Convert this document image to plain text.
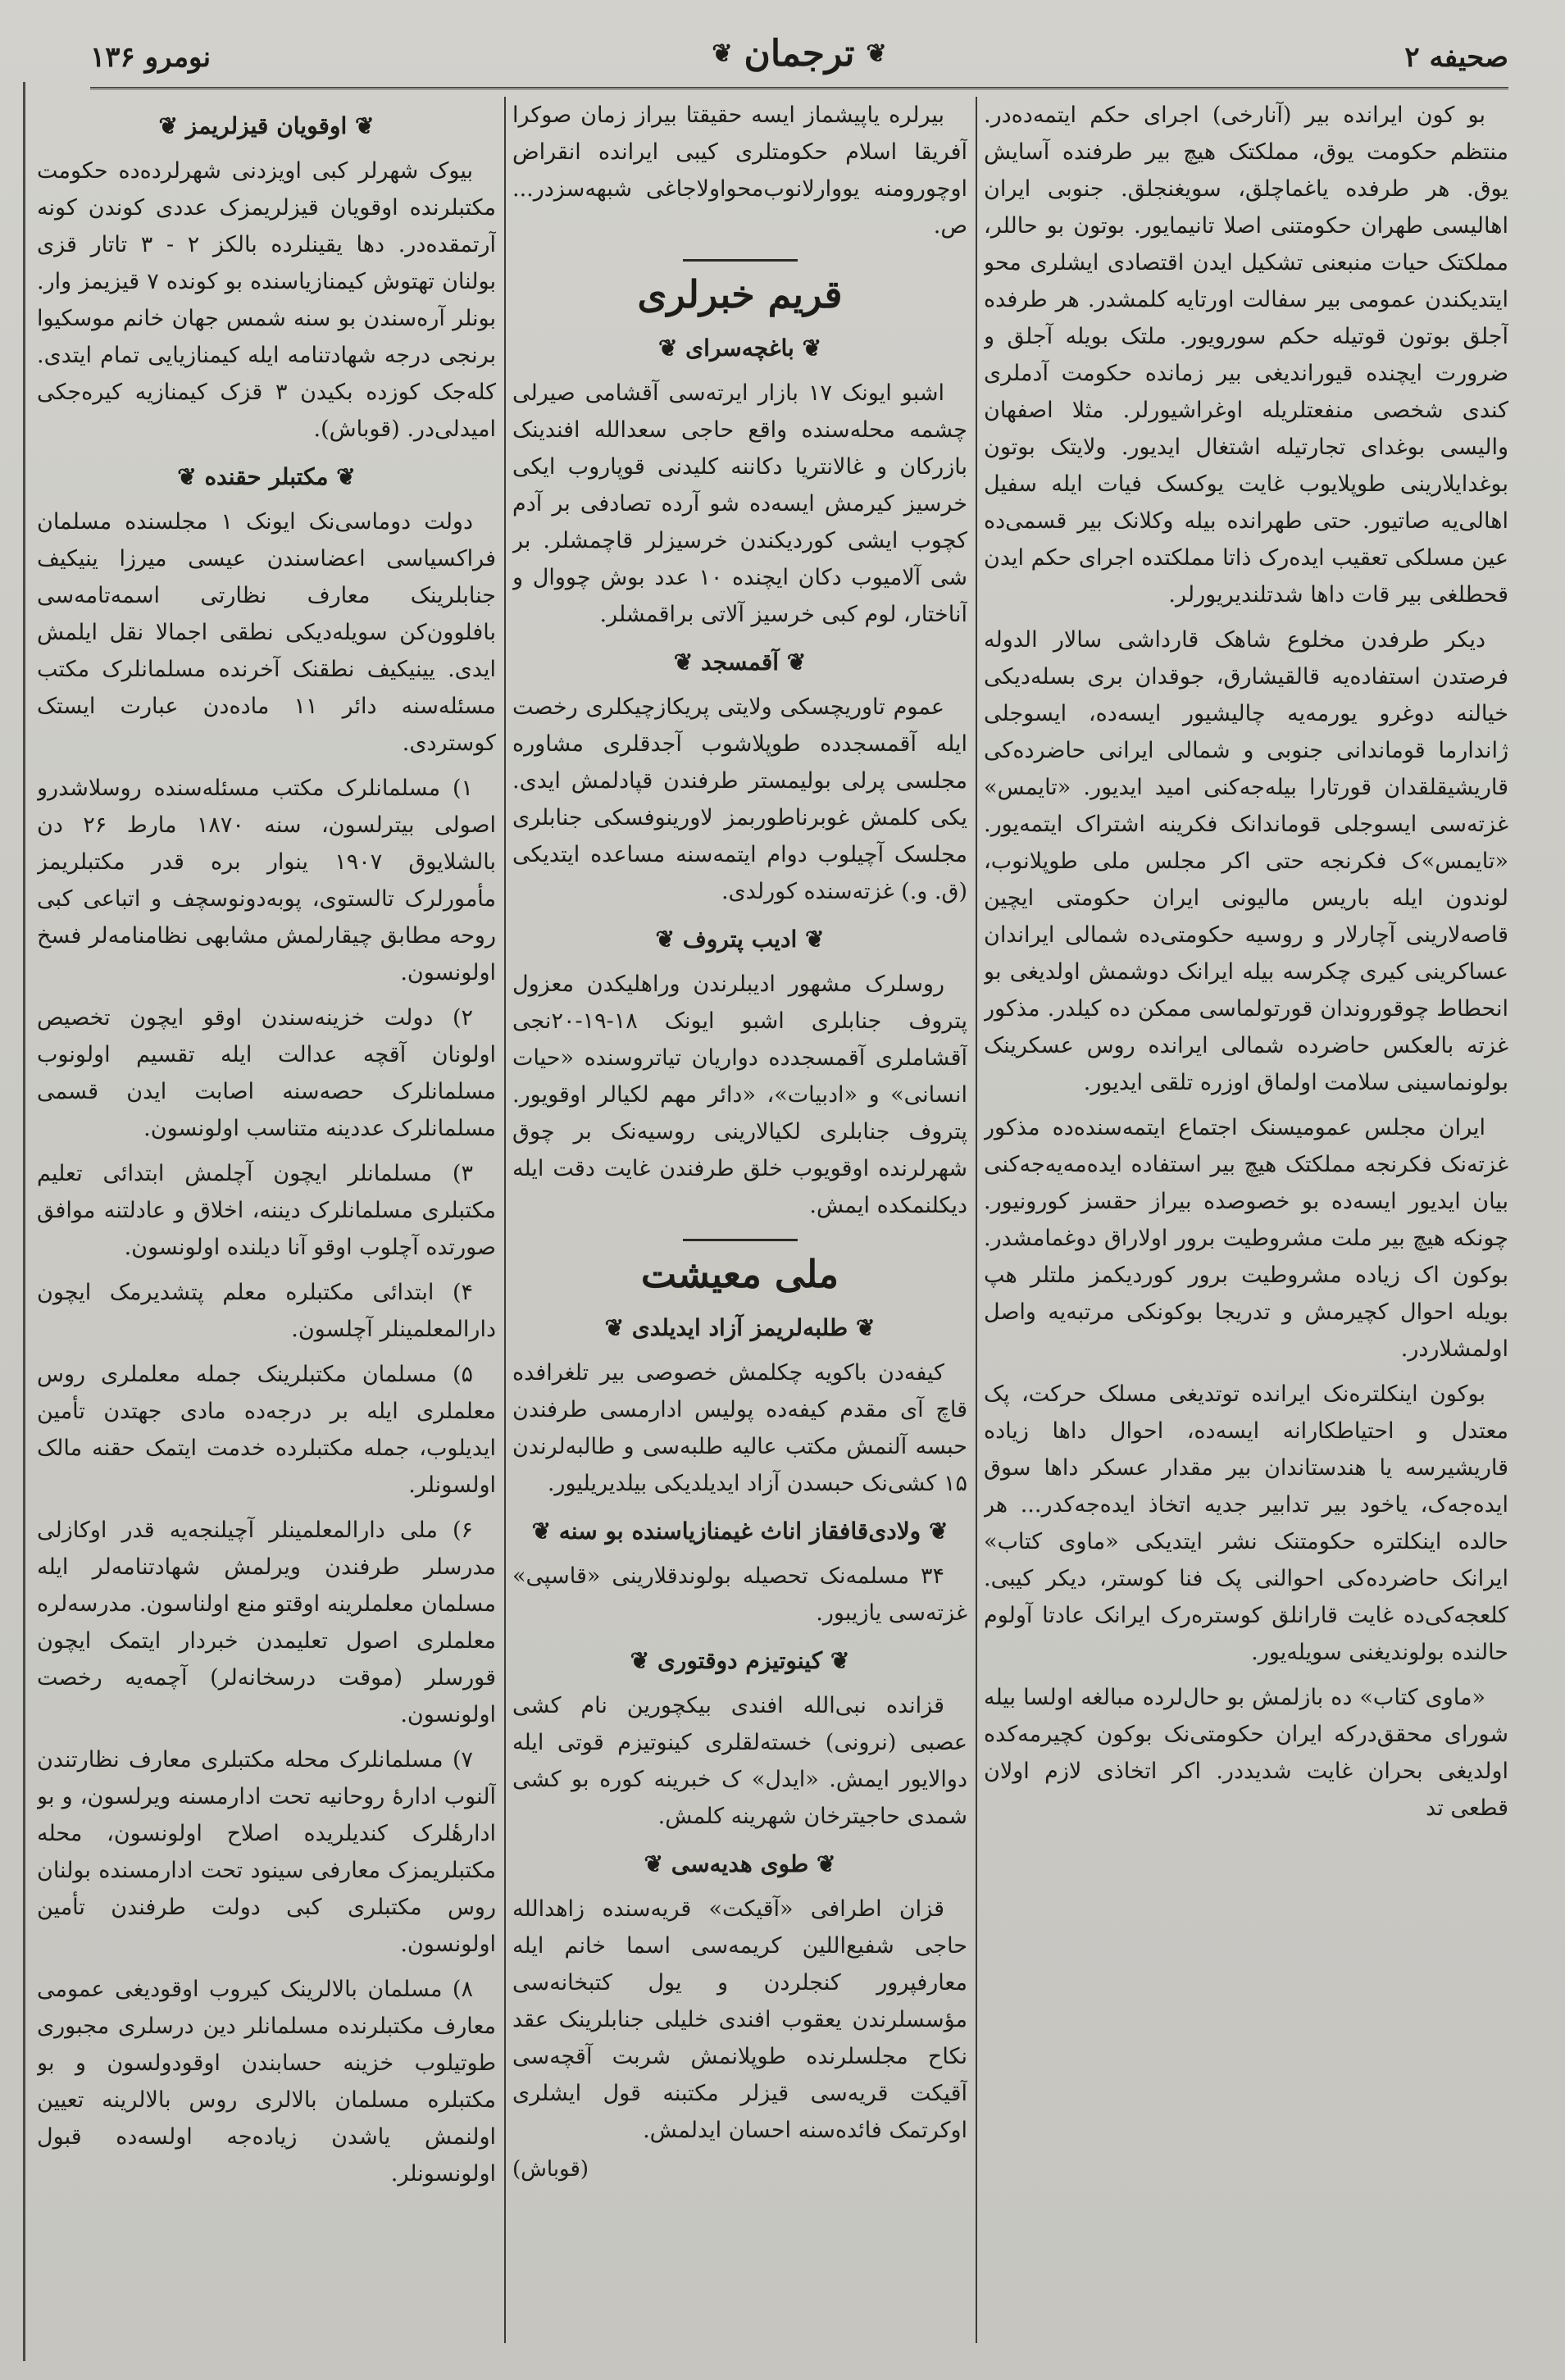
صحیفه ۲
❦
ترجمان
❦
نومرو ۱۳۶

بو کون ایرانده بیر (آنارخی) اجرای حکم ایتمه‌ده‌در. منتظم حکومت یوق، مملکتک هیچ بیر طرفنده آسایش یوق. هر طرفده یاغماچلق، سویغنجلق. جنوبی ایران اهالیسی طهران حکومتنی اصلا تانیمایور. بوتون بو حاللر، مملکتک حیات منبعنی تشکیل ایدن اقتصادی ایشلری محو ایتدیکندن عمومی بیر سفالت اورتایه کلمشدر. هر طرفده آجلق بوتون قوتیله حکم سورویور. ملتک بویله آجلق و ضرورت ایچنده قیوراندیغی بیر زمانده حکومت آدملری کندی شخصی منفعتلریله اوغراشیورلر. مثلا اصفهان والیسی بوغدای تجارتیله اشتغال ایدیور. ولایتک بوتون بوغدایلارینی طوپلایوب غایت یوکسک فیات ایله سفیل اهالی‌یه صاتیور. حتی طهرانده بیله وکلانک بیر قسمی‌ده عین مسلکی تعقیب ایده‌رک ذاتا مملکتده اجرای حکم ایدن قحطلغی بیر قات داها شدتلندیریورلر.

دیکر طرفدن مخلوع شاهک قارداشی سالار الدوله فرصتدن استفاده‌یه قالقیشارق، جوقدان بری بسله‌دیکی خیالنه دوغرو یورمه‌یه چالیشیور ایسه‌ده، ایسوجلی ژاندارما قوماندانی جنوبی و شمالی ایرانی حاضرده‌کی قاریشیقلقدان قورتارا بیله‌جه‌کنی امید ایدیور. «تایمس» غزته‌سی ایسوجلی قوماندانک فکرینه اشتراک ایتمه‌یور. «تایمس»ک فکرنجه حتی اکر مجلس ملی طوپلانوب، لوندون ایله باریس مالیونی ایران حکومتی ایچین قاصه‌لارینی آچارلار و روسیه حکومتی‌ده شمالی ایراندان عساکرینی کیری چکرسه بیله ایرانک دوشمش اولدیغی بو انحطاط چوقوروندان قورتولماسی ممکن ده کیلدر. مذکور غزته بالعکس حاضرده شمالی ایرانده روس عسکرینک بولونماسینی سلامت اولماق اوزره تلقی ایدیور.

ایران مجلس عمومیسنک اجتماع ایتمه‌سنده‌ده مذکور غزته‌نک فکرنجه مملکتک هیچ بیر استفاده ایده‌مه‌یه‌جه‌کنی بیان ایدیور ایسه‌ده بو خصوصده بیراز حقسز کورونیور. چونکه هیچ بیر ملت مشروطیت برور اولاراق دوغمامشدر. بوکون اک زیاده مشروطیت برور کوردیکمز ملتلر هپ بویله احوال کچیرمش و تدریجا بوکونکی مرتبه‌یه واصل اولمشلاردر.

بوکون اینکلتره‌نک ایرانده توتدیغی مسلک حرکت، پک معتدل و احتیاطکارانه ایسه‌ده، احوال داها زیاده قاریشیرسه یا هندستاندان بیر مقدار عسکر داها سوق ایده‌جه‌ک، یاخود بیر تدابیر جدیه اتخاذ ایده‌جه‌کدر... هر حالده اینکلتره حکومتنک نشر ایتدیکی «ماوی کتاب» ایرانک حاضرده‌کی احوالنی پک فنا کوستر، دیکر کیبی. کلعجه‌کی‌ده غایت قارانلق کوستره‌رک ایرانک عادتا آولوم حالنده بولوندیغنی سویله‌یور.

«ماوی کتاب» ده بازلمش بو حال‌لرده مبالغه اولسا بیله شورای محقق‌درکه ایران حکومتی‌نک بوکون کچیرمه‌کده اولدیغی بحران غایت شدیددر. اکر اتخاذی لازم اولان قطعی تد

بیرلره یاپیشماز ایسه حقیقتا بیراز زمان صوکرا آفریقا اسلام حکومتلری کیبی ایرانده انقراض اوچورومنه یووارلانوب‌محواولاجاغی شبهه‌سزدر... ص.

قریم خبرلری
❦ باغچه‌سرای ❦

اشبو ایونک ۱۷ بازار ایرته‌سی آقشامی صیرلی چشمه محله‌سنده واقع حاجی سعدالله افندینک بازرکان و غالانتریا دکاننه کلیدنی قوپاروب ایکی خرسیز کیرمش ایسه‌ده شو آرده تصادفی بر آدم کچوب ایشی کوردیکندن خرسیزلر قاچمشلر. بر شی آلامیوب دکان ایچنده ۱۰ عدد بوش چووال و آناختار، لوم کبی خرسیز آلاتی براقمشلر.

❦ آقمسجد ❦

عموم تاوریچسکی ولایتی پریکازچیکلری رخصت ایله آقمسجدده طوپلاشوب آجدقلری مشاوره مجلسی پرلی بولیمستر طرفندن قپادلمش ایدی. یکی کلمش غوبرناطوربمز لاورینوفسکی جنابلری مجلسک آچیلوب دوام ایتمه‌سنه مساعده ایتدیکی (ق. و.) غزته‌سنده کورلدی.

❦ ادیب پتروف ❦

روسلرک مشهور ادیبلرندن وراهلیکدن معزول پتروف جنابلری اشبو ایونک ۱۸-۱۹-۲۰نجی آقشاملری آقمسجدده دواریان تیاتروسنده «حیات انسانی» و «ادبیات»، «دائر مهم لکیالر اوقویور. پتروف جنابلری لکیالارینی روسیه‌نک بر چوق شهرلرنده اوقویوب خلق طرفندن غایت دقت ایله دیکلنمکده ایمش.

ملی معیشت
❦ طلبه‌لریمز آزاد ایدیلدی ❦

کیفه‌دن باکویه چکلمش خصوصی بیر تلغرافده قاچ آی مقدم کیفه‌ده پولیس ادارمسی طرفندن حبسه آلنمش مکتب عالیه طلبه‌سی و طالبه‌لرندن ۱۵ کشی‌نک حبسدن آزاد ایدیلدیکی بیلدیریلیور.

❦ ولادی‌قافقاز اناث غیمنازیاسنده بو سنه ❦

۳۴ مسلمه‌نک تحصیله بولوندقلارینی «قاسپی» غزته‌سی یازیبور.

❦ کینوتیزم دوقتوری ❦

قزانده نبی‌الله افندی بیکچورین نام کشی عصبی (نرونی) خسته‌لقلری کینوتیزم قوتی ایله دوالایور ایمش. «ایدل» ک خبرینه کوره بو کشی شمدی حاجیترخان شهرینه کلمش.

❦ طوی هدیه‌سی ❦

قزان اطرافی «آقیکت» قریه‌سنده زاهدالله حاجی شفیع‌اللین کریمه‌سی اسما خانم ایله معارفپرور کنجلردن و یول کتبخانه‌سی مؤسسلرندن یعقوب افندی خلیلی جنابلرینک عقد نکاح مجلسلرنده طوپلانمش شربت آقچه‌سی آقیکت قریه‌سی قیزلر مکتبنه قول ایشلری اوکرتمک فائده‌سنه احسان ایدلمش.

(قوباش)

❦ اوقویان قیزلریمز ❦

بیوک شهرلر کبی اویزدنی شهرلرده‌ده حکومت مکتبلرنده اوقویان قیزلریمزک عددی کوندن کونه آرتمقده‌در. دها یقینلرده بالکز ۲ - ۳ تاتار قزی بولنان تهتوش کیمنازیاسنده بو کونده ۷ قیزیمز وار. بونلر آره‌سندن بو سنه شمس جهان خانم موسکیوا برنجی درجه شهادتنامه ایله کیمنازیایی تمام ایتدی. کله‌جک کوزده بکیدن ۳ قزک کیمنازیه کیره‌جکی امیدلی‌در. (قوباش).

❦ مکتبلر حقنده ❦

دولت دوماسی‌نک ایونک ۱ مجلسنده مسلمان فراکسیاسی اعضاسندن عیسی میرزا ینیکیف جنابلرینک معارف نظارتی اسمه‌تامه‌سی بافلوون‌کن سویله‌دیکی نطقی اجمالا نقل ایلمش ایدی. یینیکیف نطقنک آخرنده مسلمانلرک مکتب مسئله‌سنه دائر ۱۱ ماده‌دن عبارت ایستک کوستردی.

۱) مسلمانلرک مکتب مسئله‌سنده روسلاشدرو اصولی بیترلسون، سنه ۱۸۷۰ مارط ۲۶ دن بالشلایوق ۱۹۰۷ ینوار بره قدر مکتبلریمز مأمورلرک تالستوی، پوبه‌دونوسچف و اتباعی کبی روحه مطابق چیقارلمش مشابهی نظامنامه‌لر فسخ اولونسون.

۲) دولت خزینه‌سندن اوقو ایچون تخصیص اولونان آقچه عدالت ایله تقسیم اولونوب مسلمانلرک حصه‌سنه اصابت ایدن قسمی مسلمانلرک عددینه متناسب اولونسون.

۳) مسلمانلر ایچون آچلمش ابتدائی تعلیم مکتبلری مسلمانلرک دیننه، اخلاق و عادلتنه موافق صورتده آچلوب اوقو آنا دیلنده اولونسون.

۴) ابتدائی مکتبلره معلم پتشدیرمک ایچون دارالمعلمینلر آچلسون.

۵) مسلمان مکتبلرینک جمله معلملری روس معلملری ایله بر درجه‌ده مادی جهتدن تأمین ایدیلوب، جمله مکتبلرده خدمت ایتمک حقنه مالک اولسونلر.

۶) ملی دارالمعلمینلر آچیلنجه‌یه قدر اوکازلی مدرسلر طرفندن ویرلمش شهادتنامه‌لر ایله مسلمان معلملرینه اوقتو منع اولناسون. مدرسه‌لره معلملری اصول تعلیمدن خبردار ایتمک ایچون قورسلر (موقت درسخانه‌لر) آچمه‌یه رخصت اولونسون.

۷) مسلمانلرک محله مکتبلری معارف نظارتندن آلنوب ادارهٔ روحانیه تحت ادارمسنه ویرلسون، و بو ادارهٔلرک کندیلریده اصلاح اولونسون، محله مکتبلریمزک معارفی سینود تحت ادارمسنده بولنان روس مکتبلری کبی دولت طرفندن تأمین اولونسون.

۸) مسلمان بالالرینک کیروب اوقودیغی عمومی معارف مکتبلرنده مسلمانلر دین درسلری مجبوری طوتیلوب خزینه حسابندن اوقودولسون و بو مکتبلره مسلمان بالالری روس بالالرینه تعیین اولنمش یاشدن زیاده‌جه اولسه‌ده قبول اولونسونلر.
